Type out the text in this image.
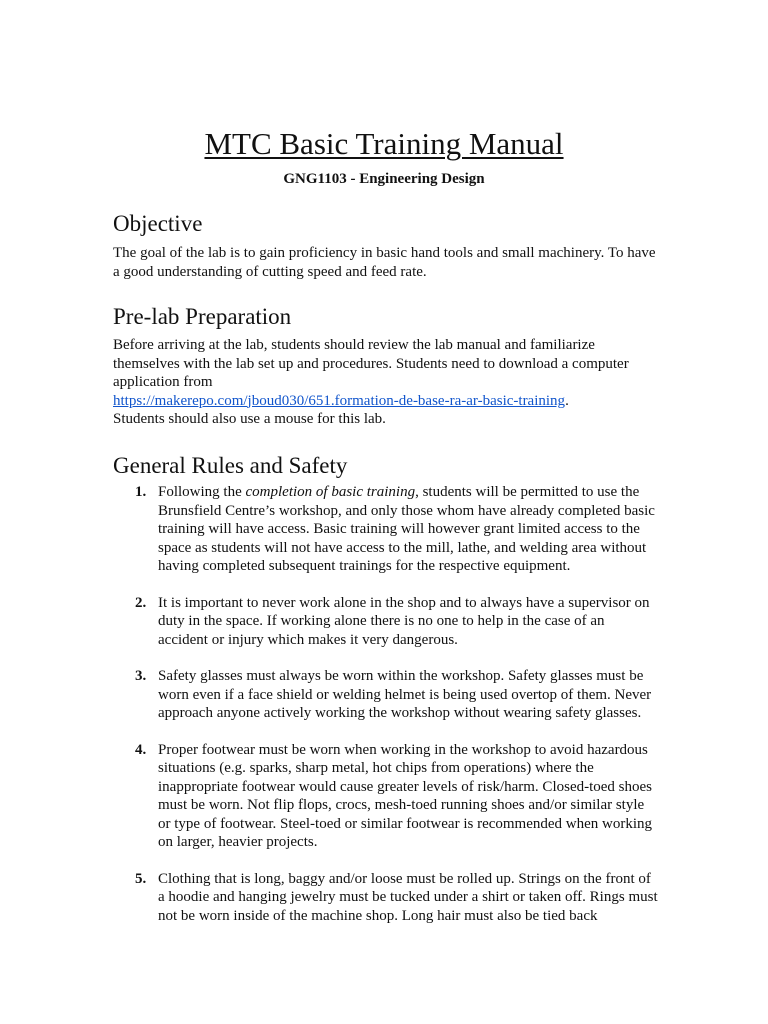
MTC Basic Training Manual

GNG1103 - Engineering Design

Objective

The goal of the lab is to gain proficiency in basic hand tools and small machinery. To have a good understanding of cutting speed and feed rate.

Pre-lab Preparation

Before arriving at the lab, students should review the lab manual and familiarize themselves with the lab set up and procedures. Students need to download a computer application from
https://makerepo.com/jboud030/651.formation-de-base-ra-ar-basic-training.
Students should also use a mouse for this lab.

General Rules and Safety
1. Following the completion of basic training, students will be permitted to use the Brunsfield Centre’s workshop, and only those whom have already completed basic training will have access. Basic training will however grant limited access to the space as students will not have access to the mill, lathe, and welding area without having completed subsequent trainings for the respective equipment.
2. It is important to never work alone in the shop and to always have a supervisor on duty in the space. If working alone there is no one to help in the case of an accident or injury which makes it very dangerous.
3. Safety glasses must always be worn within the workshop. Safety glasses must be worn even if a face shield or welding helmet is being used overtop of them. Never approach anyone actively working the workshop without wearing safety glasses.
4. Proper footwear must be worn when working in the workshop to avoid hazardous situations (e.g. sparks, sharp metal, hot chips from operations) where the inappropriate footwear would cause greater levels of risk/harm. Closed-toed shoes must be worn. Not flip flops, crocs, mesh-toed running shoes and/or similar style or type of footwear. Steel-toed or similar footwear is recommended when working on larger, heavier projects.
5. Clothing that is long, baggy and/or loose must be rolled up. Strings on the front of a hoodie and hanging jewelry must be tucked under a shirt or taken off. Rings must not be worn inside of the machine shop. Long hair must also be tied back
